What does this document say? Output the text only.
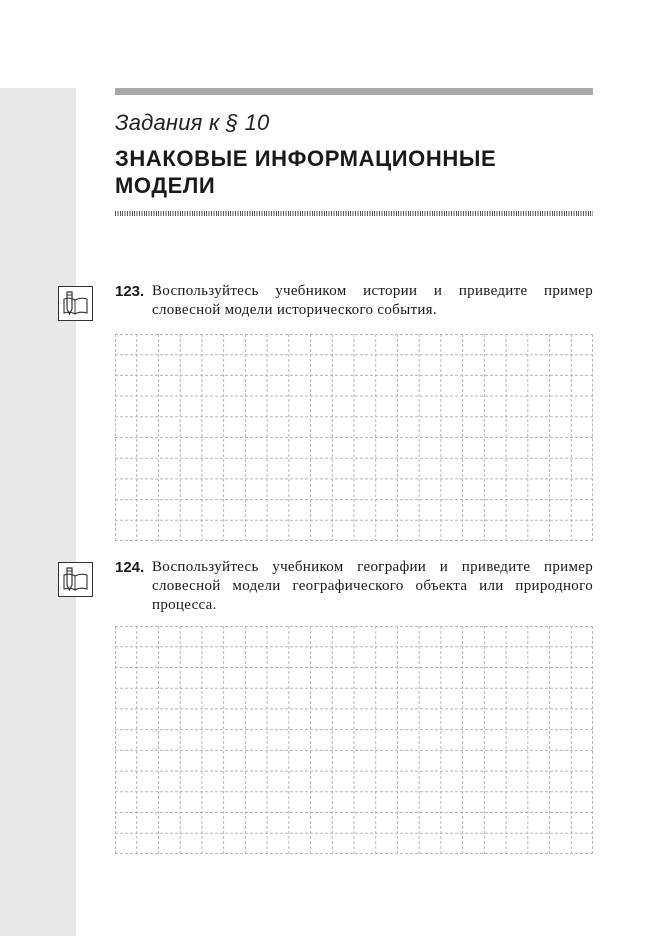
Задания к § 10
ЗНАКОВЫЕ ИНФОРМАЦИОННЫЕ
МОДЕЛИ
123. Воспользуйтесь учебником истории и приведите пример словесной модели исторического события.
124. Воспользуйтесь учебником географии и приведите пример словесной модели географического объекта или природного процесса.
